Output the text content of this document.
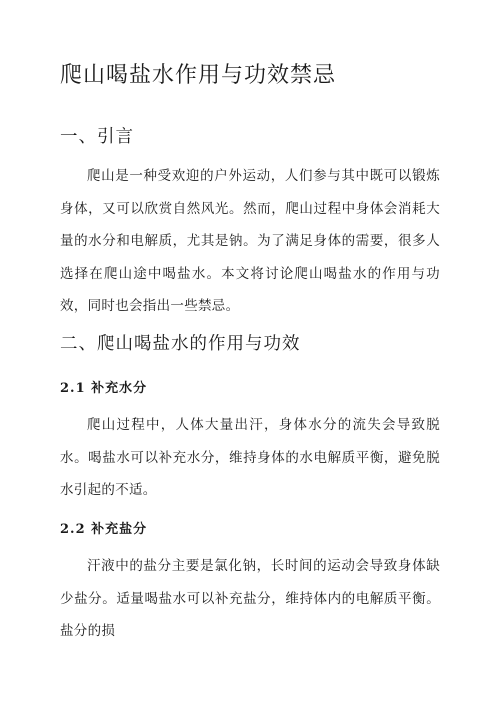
爬山喝盐水作用与功效禁忌
一、引言

爬山是一种受欢迎的户外运动，人们参与其中既可以锻炼身体，又可以欣赏自然风光。然而，爬山过程中身体会消耗大量的水分和电解质，尤其是钠。为了满足身体的需要，很多人选择在爬山途中喝盐水。本文将讨论爬山喝盐水的作用与功效，同时也会指出一些禁忌。

二、爬山喝盐水的作用与功效
2.1 补充水分

爬山过程中，人体大量出汗，身体水分的流失会导致脱水。喝盐水可以补充水分，维持身体的水电解质平衡，避免脱水引起的不适。

2.2 补充盐分

汗液中的盐分主要是氯化钠，长时间的运动会导致身体缺少盐分。适量喝盐水可以补充盐分，维持体内的电解质平衡。盐分的损
